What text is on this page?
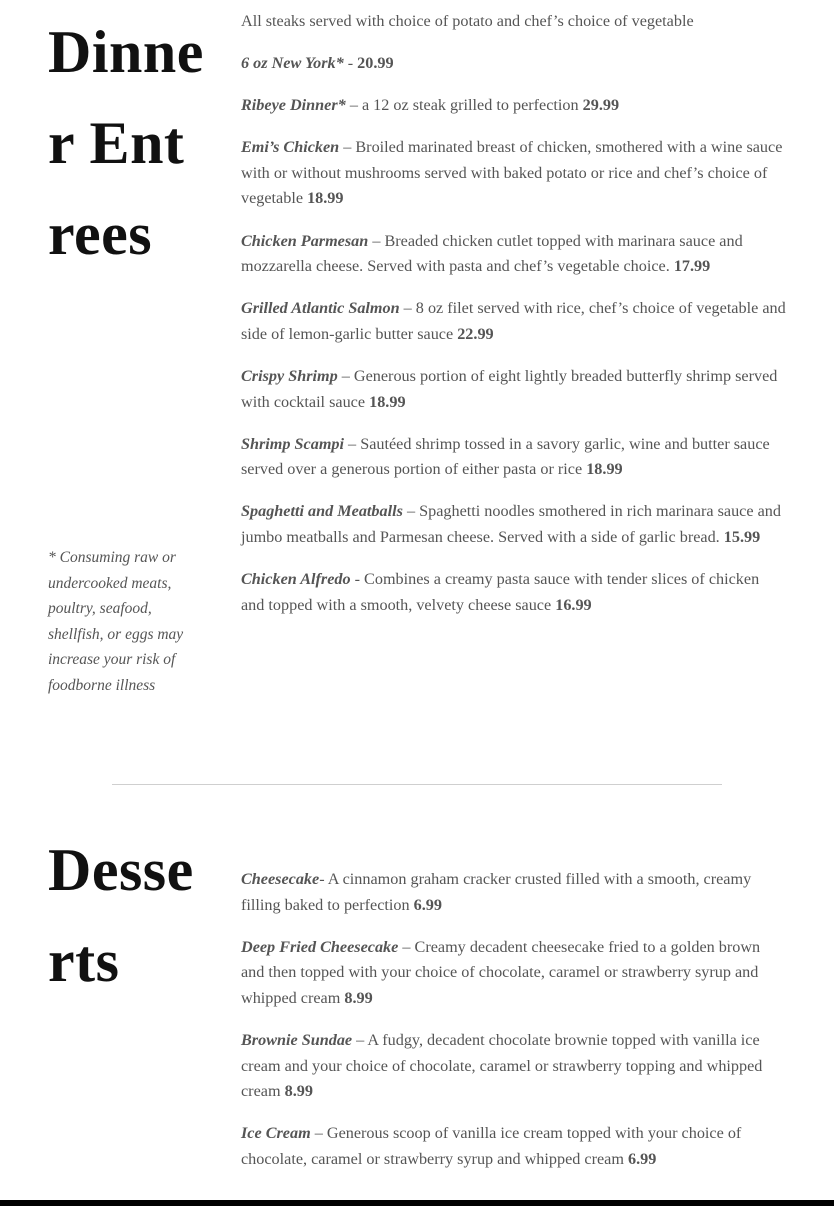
Dinner Entrees

All steaks served with choice of potato and chef’s choice of vegetable

6 oz New York* - 20.99

Ribeye Dinner* – a 12 oz steak grilled to perfection 29.99

Emi’s Chicken – Broiled marinated breast of chicken, smothered with a wine sauce with or without mushrooms served with baked potato or rice and chef’s choice of vegetable 18.99

Chicken Parmesan – Breaded chicken cutlet topped with marinara sauce and mozzarella cheese. Served with pasta and chef’s vegetable choice. 17.99

Grilled Atlantic Salmon – 8 oz filet served with rice, chef’s choice of vegetable and side of lemon-garlic butter sauce 22.99

Crispy Shrimp – Generous portion of eight lightly breaded butterfly shrimp served with cocktail sauce 18.99

Shrimp Scampi – Sautéed shrimp tossed in a savory garlic, wine and butter sauce served over a generous portion of either pasta or rice 18.99

Spaghetti and Meatballs – Spaghetti noodles smothered in rich marinara sauce and jumbo meatballs and Parmesan cheese. Served with a side of garlic bread. 15.99

Chicken Alfredo - Combines a creamy pasta sauce with tender slices of chicken and topped with a smooth, velvety cheese sauce 16.99

* Consuming raw or undercooked meats, poultry, seafood, shellfish, or eggs may increase your risk of foodborne illness

Desserts

Cheesecake- A cinnamon graham cracker crusted filled with a smooth, creamy filling baked to perfection 6.99

Deep Fried Cheesecake – Creamy decadent cheesecake fried to a golden brown and then topped with your choice of chocolate, caramel or strawberry syrup and whipped cream 8.99

Brownie Sundae – A fudgy, decadent chocolate brownie topped with vanilla ice cream and your choice of chocolate, caramel or strawberry topping and whipped cream 8.99

Ice Cream – Generous scoop of vanilla ice cream topped with your choice of chocolate, caramel or strawberry syrup and whipped cream 6.99
